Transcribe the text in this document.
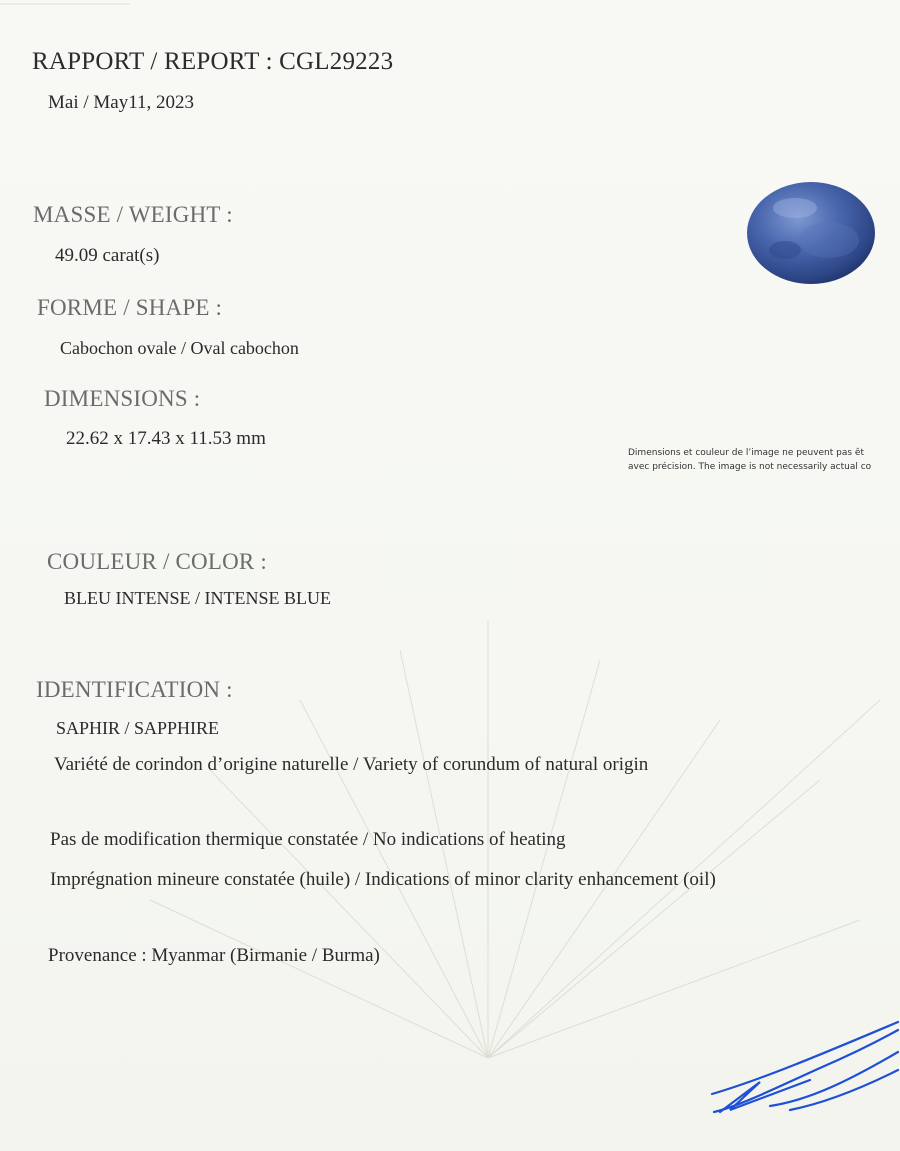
RAPPORT / REPORT : CGL29223
Mai / May11, 2023
MASSE / WEIGHT :
49.09 carat(s)
FORME / SHAPE :
Cabochon ovale / Oval cabochon
DIMENSIONS :
22.62 x 17.43 x 11.53 mm
Dimensions et couleur de l’image ne peuvent pas êt
avec précision. The image is not necessarily actual co
COULEUR / COLOR :
BLEU INTENSE / INTENSE BLUE
IDENTIFICATION :
SAPHIR / SAPPHIRE
Variété de corindon d’origine naturelle / Variety of corundum of natural origin
Pas de modification thermique constatée / No indications of heating
Imprégnation mineure constatée (huile) / Indications of minor clarity enhancement (oil)
Provenance : Myanmar (Birmanie / Burma)
